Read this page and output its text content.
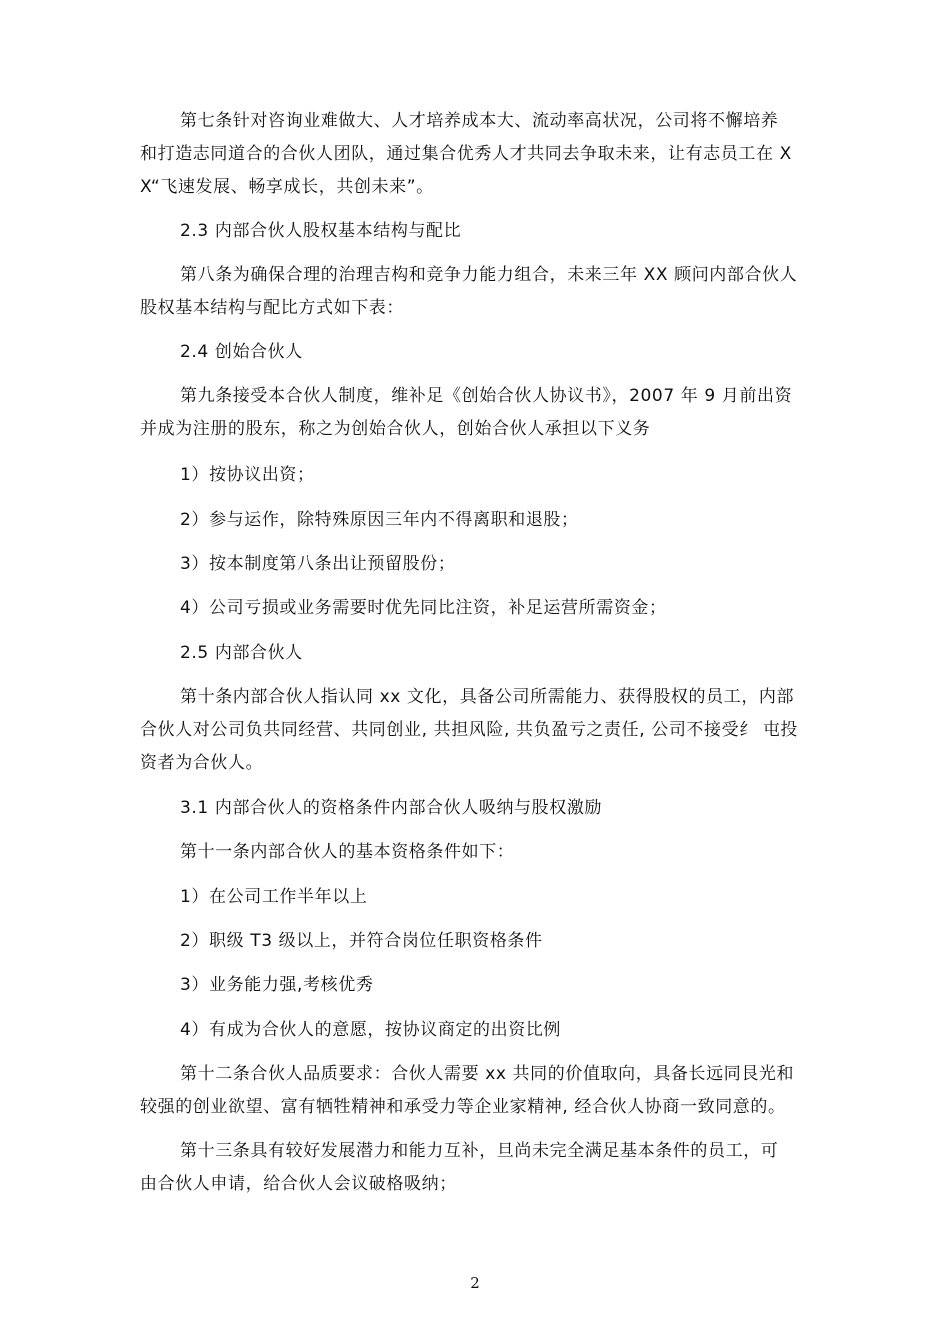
第七条针对咨询业难做大、人才培养成本大、流动率高状况，公司将不懈培养
和打造志同道合的合伙人团队，通过集合优秀人才共同去争取未来，让有志员工在 X
X“飞速发展、畅享成长，共创未来”。
2.3 内部合伙人股权基本结构与配比
第八条为确保合理的治理吉构和竞争力能力组合，未来三年 XX 顾问内部合伙人
股权基本结构与配比方式如下表：
2.4 创始合伙人
第九条接受本合伙人制度，维补足《创始合伙人协议书》，2007 年 9 月前出资
并成为注册的股东，称之为创始合伙人，创始合伙人承担以下义务
1）按协议出资；
2）参与运作，除特殊原因三年内不得离职和退股；
3）按本制度第八条出让预留股份；
4）公司亏损或业务需要时优先同比注资，补足运营所需资金；
2.5 内部合伙人
第十条内部合伙人指认同 xx 文化，具备公司所需能力、获得股权的员工，内部
合伙人对公司负共同经营、共同创业, 共担风险, 共负盈亏之责任, 公司不接受纟 屯投
资者为合伙人。
3.1 内部合伙人的资格条件内部合伙人吸纳与股权激励
第十一条内部合伙人的基本资格条件如下：
1）在公司工作半年以上
2）职级 T3 级以上，并符合岗位任职资格条件
3）业务能力强,考核优秀
4）有成为合伙人的意愿，按协议商定的出资比例
第十二条合伙人品质要求：合伙人需要 xx 共同的价值取向，具备长远同艮光和
较强的创业欲望、富有牺牲精神和承受力等企业家精神, 经合伙人协商一致同意的。
第十三条具有较好发展潜力和能力互补，旦尚未完全满足基本条件的员工，可
由合伙人申请，给合伙人会议破格吸纳；
2
